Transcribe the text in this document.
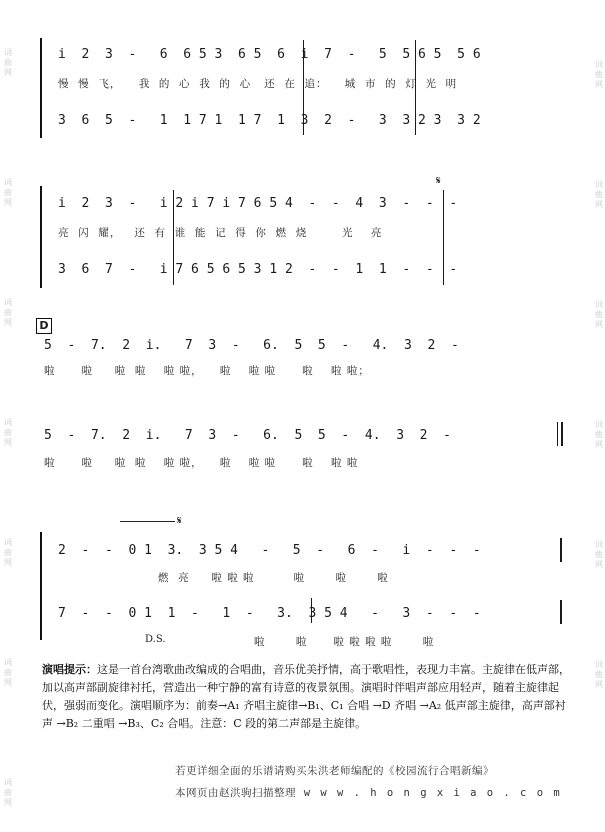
词
曲
网
词
曲
网
词
曲
网
词
曲
网
词
曲
网
词
曲
网
词
曲
网
词
曲
网
词
曲
网
词
曲
网
词
曲
网
词
曲
网
词
曲
网
i  2  3  -   6  6 5 3  6 5  6  i  7  -   5  5 6 5  5 6
慢  慢  飞，    我  的  心  我  的  心   还  在  追：    城  市  的  灯  光  明
3  6  5  -   1  1 7 1  1 7  1  3  2  -   3  3 2 3  3 2
𝄋
i  2  3  -   i 2 i 7 i 7 6 5 4  -  -  4  3  -  -  -
亮  闪  耀，   还  有  谁  能  记  得  你  燃  烧        光    亮
3  6  7  -   i 7 6 5 6 5 3 1 2  -  -  1  1  -  -  -
D
5  -  7.  2  i.   7  3  -   6.  5  5  -   4.  3  2  -
啦      啦     啦  啦    啦 啦，    啦    啦 啦      啦    啦 啦；
5  -  7.  2  i.   7  3  -   6.  5  5  -  4.  3  2  -
啦      啦     啦  啦    啦 啦，    啦    啦 啦      啦    啦 啦
𝄋
2  -  -  0 1  3.  3 5 4   -   5  -   6  -   i  -  -  -
燃  亮     啦 啦 啦         啦       啦       啦
7  -  -  0 1  1  -   1  -   3.  3 5 4   -   3  -  -  -
D.S.	啦       啦      啦 啦 啦 啦       啦
演唱提示：这是一首台湾歌曲改编成的合唱曲，音乐优美抒情，高于歌唱性，表现力丰富。主旋律在低声部，加以高声部副旋律衬托，营造出一种宁静的富有诗意的夜景氛围。演唱时伴唱声部应用轻声，随着主旋律起伏，强弱而变化。演唱顺序为：前奏→A₁ 齐唱主旋律→B₁、C₁ 合唱 →D 齐唱 →A₂ 低声部主旋律，高声部衬声 →B₂ 二重唱 →B₃、C₂ 合唱。注意：C 段的第二声部是主旋律。
若更详细全面的乐谱请购买朱洪老师编配的《校园流行合唱新编》
本网页由赵洪驹扫描整理 w w w . h o n g x i a o . c o m
